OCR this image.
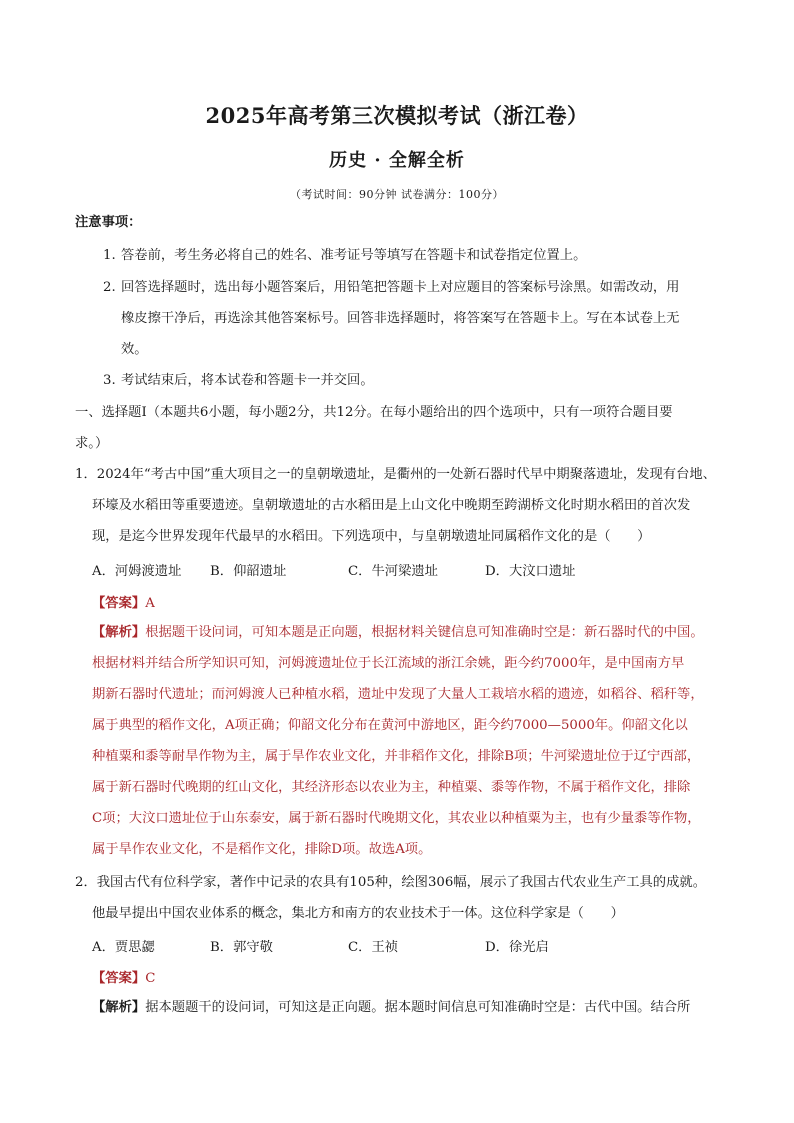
2025年高考第三次模拟考试（浙江卷）
历史 · 全解全析
（考试时间：90分钟 试卷满分：100分）
注意事项：
1. 答卷前，考生务必将自己的姓名、准考证号等填写在答题卡和试卷指定位置上。
2. 回答选择题时，选出每小题答案后，用铅笔把答题卡上对应题目的答案标号涂黑。如需改动，用
橡皮擦干净后，再选涂其他答案标号。回答非选择题时，将答案写在答题卡上。写在本试卷上无
效。
3. 考试结束后，将本试卷和答题卡一并交回。
一、选择题Ⅰ（本题共6小题，每小题2分，共12分。在每小题给出的四个选项中，只有一项符合题目要
求。）
1．2024年“考古中国”重大项目之一的皇朝墩遗址，是衢州的一处新石器时代早中期聚落遗址，发现有台地、
环壕及水稻田等重要遗迹。皇朝墩遗址的古水稻田是上山文化中晚期至跨湖桥文化时期水稻田的首次发
现，是迄今世界发现年代最早的水稻田。下列选项中，与皇朝墩遗址同属稻作文化的是（　　）
A．河姆渡遗址 B．仰韶遗址	C．牛河梁遗址	D．大汶口遗址
【答案】A
【解析】根据题干设问词，可知本题是正向题，根据材料关键信息可知准确时空是：新石器时代的中国。
根据材料并结合所学知识可知，河姆渡遗址位于长江流域的浙江余姚，距今约7000年，是中国南方早
期新石器时代遗址；而河姆渡人已种植水稻，遗址中发现了大量人工栽培水稻的遗迹，如稻谷、稻秆等，
属于典型的稻作文化，A项正确；仰韶文化分布在黄河中游地区，距今约7000—5000年。仰韶文化以
种植粟和黍等耐旱作物为主，属于旱作农业文化，并非稻作文化，排除B项；牛河梁遗址位于辽宁西部，
属于新石器时代晚期的红山文化，其经济形态以农业为主，种植粟、黍等作物，不属于稻作文化，排除
C项；大汶口遗址位于山东泰安，属于新石器时代晚期文化，其农业以种植粟为主，也有少量黍等作物，
属于旱作农业文化，不是稻作文化，排除D项。故选A项。
2．我国古代有位科学家，著作中记录的农具有105种，绘图306幅，展示了我国古代农业生产工具的成就。
他最早提出中国农业体系的概念，集北方和南方的农业技术于一体。这位科学家是（　　）
A．贾思勰	B．郭守敬	C．王祯	D．徐光启
【答案】C
【解析】据本题题干的设问词，可知这是正向题。据本题时间信息可知准确时空是：古代中国。结合所
